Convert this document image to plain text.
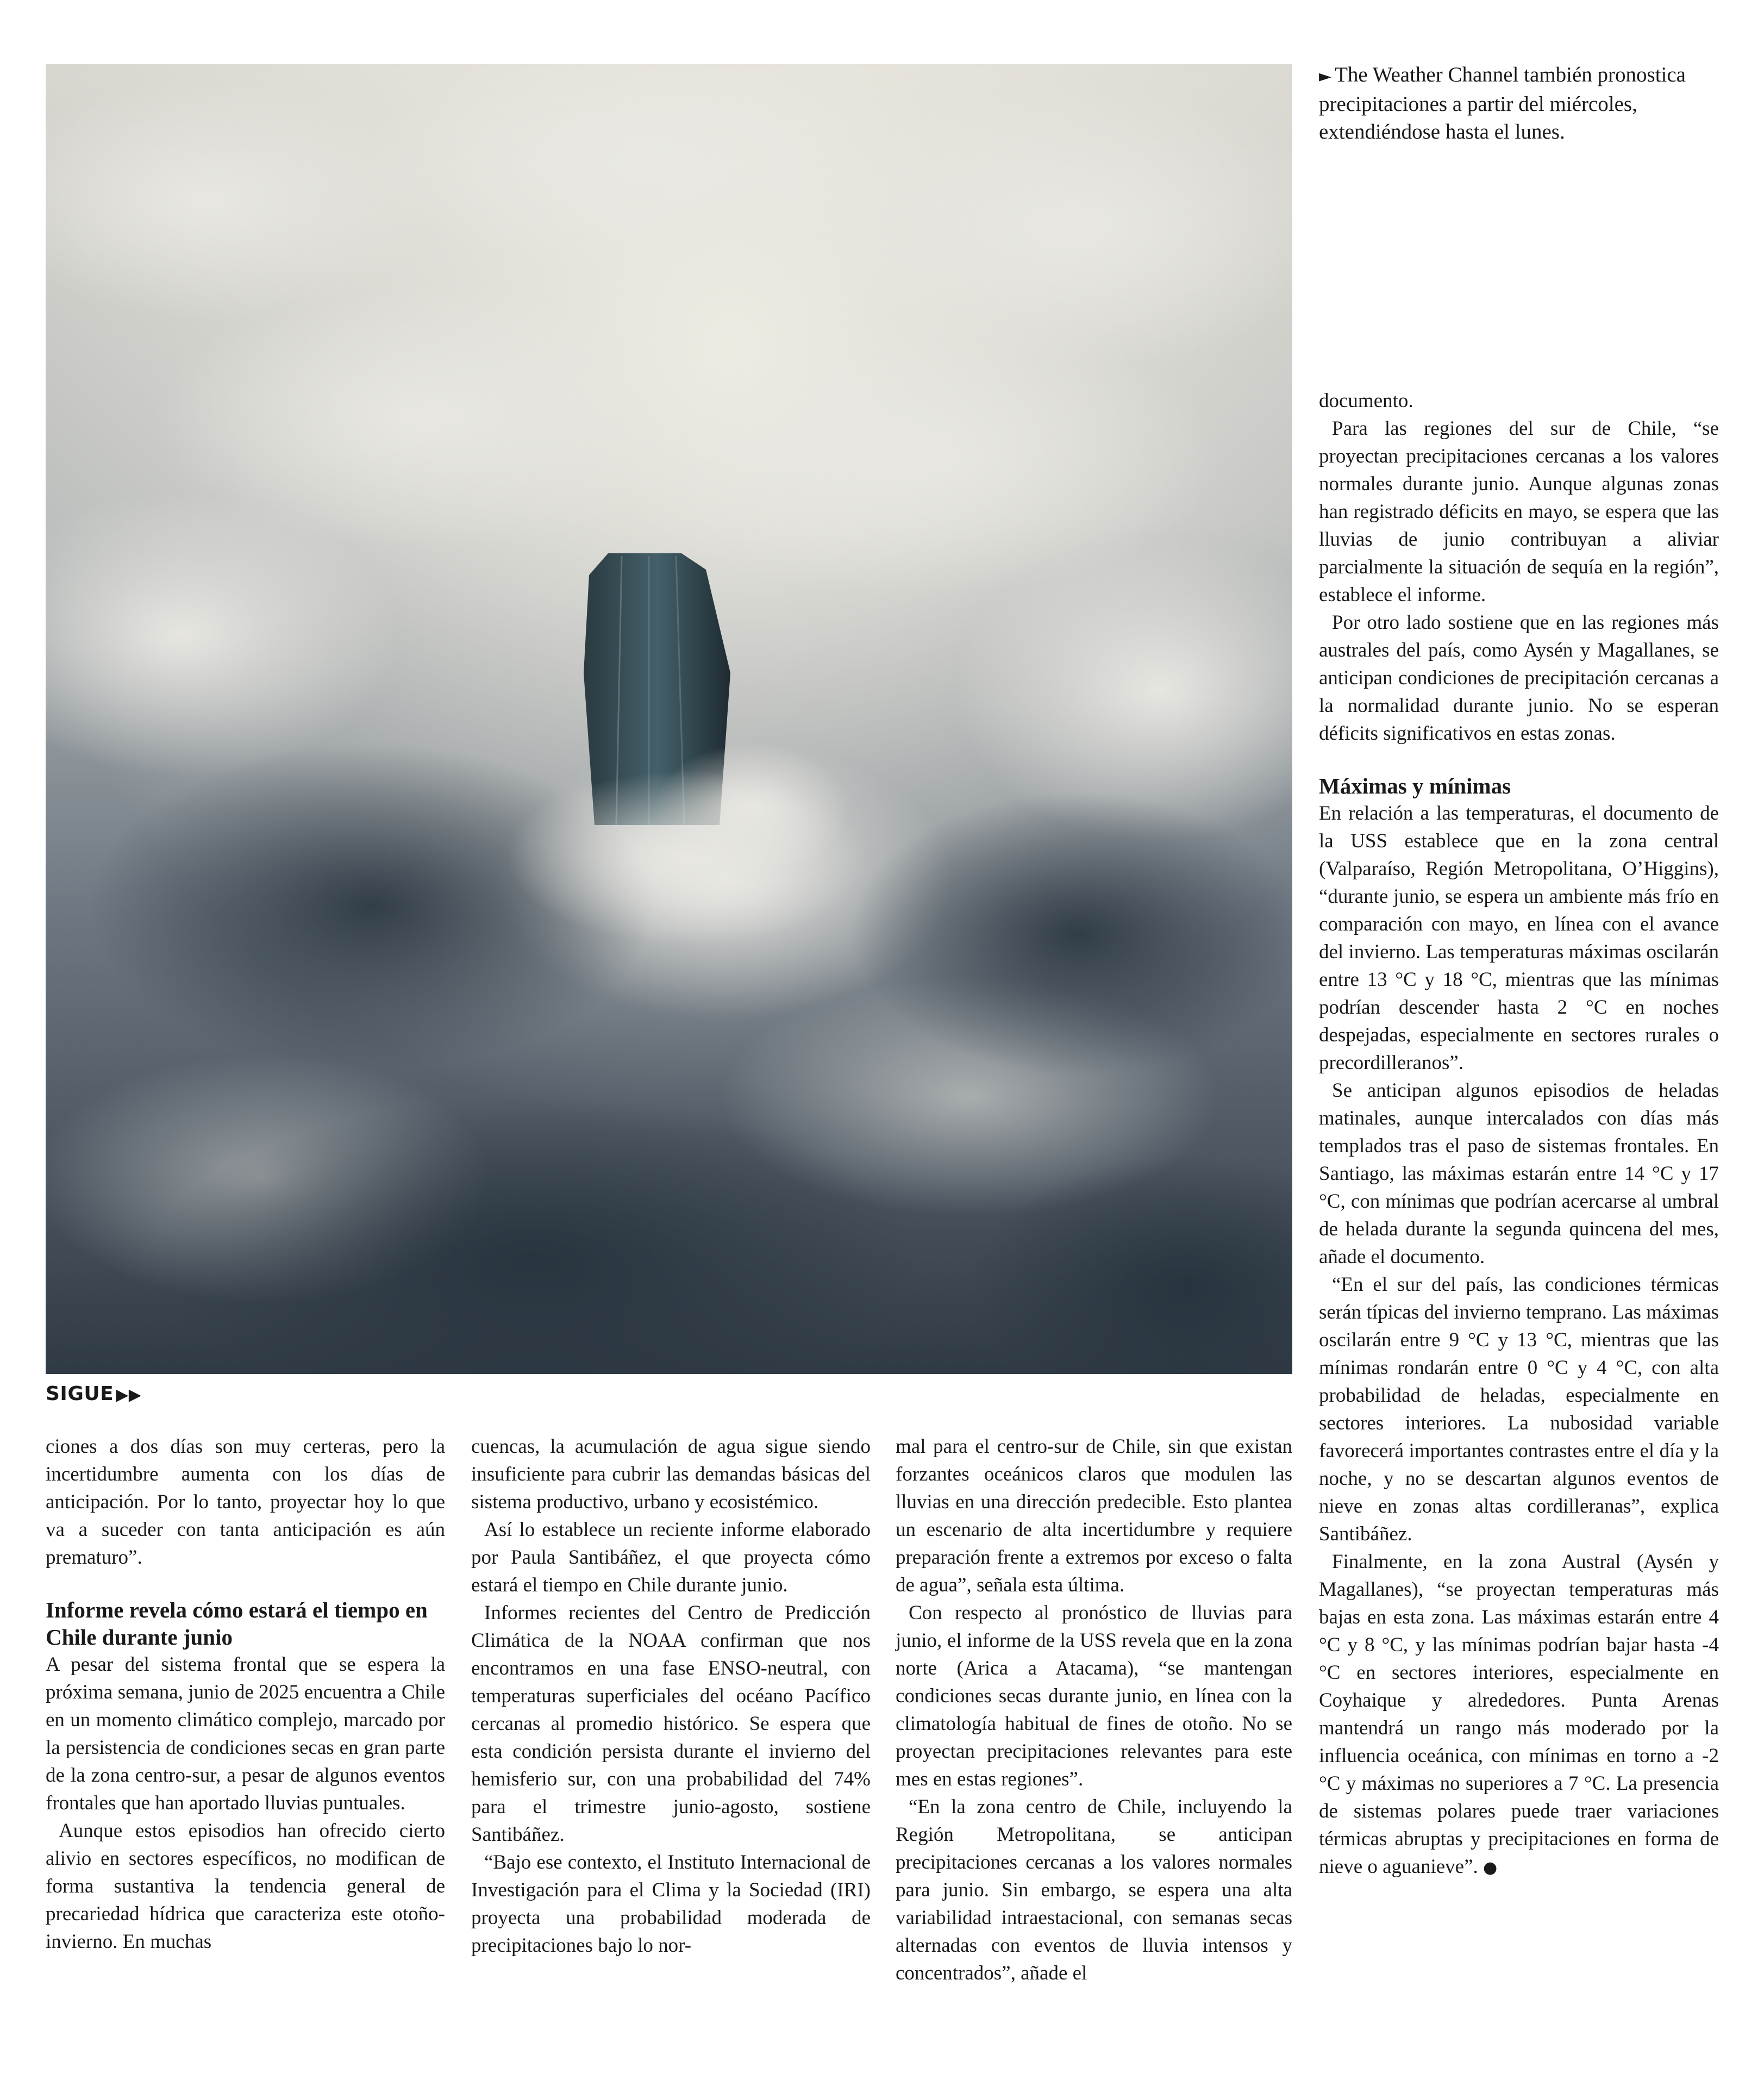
► The Weather Channel también pronostica precipitaciones a partir del miércoles, extendiéndose hasta el lunes.
SIGUE ▶▶

ciones a dos días son muy certeras, pero la incertidumbre aumenta con los días de anticipación. Por lo tanto, proyectar hoy lo que va a suceder con tanta anticipación es aún prematuro”.

Informe revela cómo estará el tiempo en Chile durante junio

A pesar del sistema frontal que se espera la próxima semana, junio de 2025 encuentra a Chile en un momento climático complejo, marcado por la persistencia de condiciones secas en gran parte de la zona centro-sur, a pesar de algunos eventos frontales que han aportado lluvias puntuales.

Aunque estos episodios han ofrecido cierto alivio en sectores específicos, no modifican de forma sustantiva la tendencia general de precariedad hídrica que caracteriza este otoño-invierno. En muchas

cuencas, la acumulación de agua sigue siendo insuficiente para cubrir las demandas básicas del sistema productivo, urbano y ecosistémico.

Así lo establece un reciente informe elaborado por Paula Santibáñez, el que proyecta cómo estará el tiempo en Chile durante junio.

Informes recientes del Centro de Predicción Climática de la NOAA confirman que nos encontramos en una fase ENSO-neutral, con temperaturas superficiales del océano Pacífico cercanas al promedio histórico. Se espera que esta condición persista durante el invierno del hemisferio sur, con una probabilidad del 74% para el trimestre junio-agosto, sostiene Santibáñez.

“Bajo ese contexto, el Instituto Internacional de Investigación para el Clima y la Sociedad (IRI) proyecta una probabilidad moderada de precipitaciones bajo lo nor-

mal para el centro-sur de Chile, sin que existan forzantes oceánicos claros que modulen las lluvias en una dirección predecible. Esto plantea un escenario de alta incertidumbre y requiere preparación frente a extremos por exceso o falta de agua”, señala esta última.

Con respecto al pronóstico de lluvias para junio, el informe de la USS revela que en la zona norte (Arica a Atacama), “se mantengan condiciones secas durante junio, en línea con la climatología habitual de fines de otoño. No se proyectan precipitaciones relevantes para este mes en estas regiones”.

“En la zona centro de Chile, incluyendo la Región Metropolitana, se anticipan precipitaciones cercanas a los valores normales para junio. Sin embargo, se espera una alta variabilidad intraestacional, con semanas secas alternadas con eventos de lluvia intensos y concentrados”, añade el

documento.

Para las regiones del sur de Chile, “se proyectan precipitaciones cercanas a los valores normales durante junio. Aunque algunas zonas han registrado déficits en mayo, se espera que las lluvias de junio contribuyan a aliviar parcialmente la situación de sequía en la región”, establece el informe.

Por otro lado sostiene que en las regiones más australes del país, como Aysén y Magallanes, se anticipan condiciones de precipitación cercanas a la normalidad durante junio. No se esperan déficits significativos en estas zonas.

Máximas y mínimas

En relación a las temperaturas, el documento de la USS establece que en la zona central (Valparaíso, Región Metropolitana, O’Higgins), “durante junio, se espera un ambiente más frío en comparación con mayo, en línea con el avance del invierno. Las temperaturas máximas oscilarán entre 13 °C y 18 °C, mientras que las mínimas podrían descender hasta 2 °C en noches despejadas, especialmente en sectores rurales o precordilleranos”.

Se anticipan algunos episodios de heladas matinales, aunque intercalados con días más templados tras el paso de sistemas frontales. En Santiago, las máximas estarán entre 14 °C y 17 °C, con mínimas que podrían acercarse al umbral de helada durante la segunda quincena del mes, añade el documento.

“En el sur del país, las condiciones térmicas serán típicas del invierno temprano. Las máximas oscilarán entre 9 °C y 13 °C, mientras que las mínimas rondarán entre 0 °C y 4 °C, con alta probabilidad de heladas, especialmente en sectores interiores. La nubosidad variable favorecerá importantes contrastes entre el día y la noche, y no se descartan algunos eventos de nieve en zonas altas cordilleranas”, explica Santibáñez.

Finalmente, en la zona Austral (Aysén y Magallanes), “se proyectan temperaturas más bajas en esta zona. Las máximas estarán entre 4 °C y 8 °C, y las mínimas podrían bajar hasta -4 °C en sectores interiores, especialmente en Coyhaique y alrededores. Punta Arenas mantendrá un rango más moderado por la influencia oceánica, con mínimas en torno a -2 °C y máximas no superiores a 7 °C. La presencia de sistemas polares puede traer variaciones térmicas abruptas y precipitaciones en forma de nieve o aguanieve”. ●
